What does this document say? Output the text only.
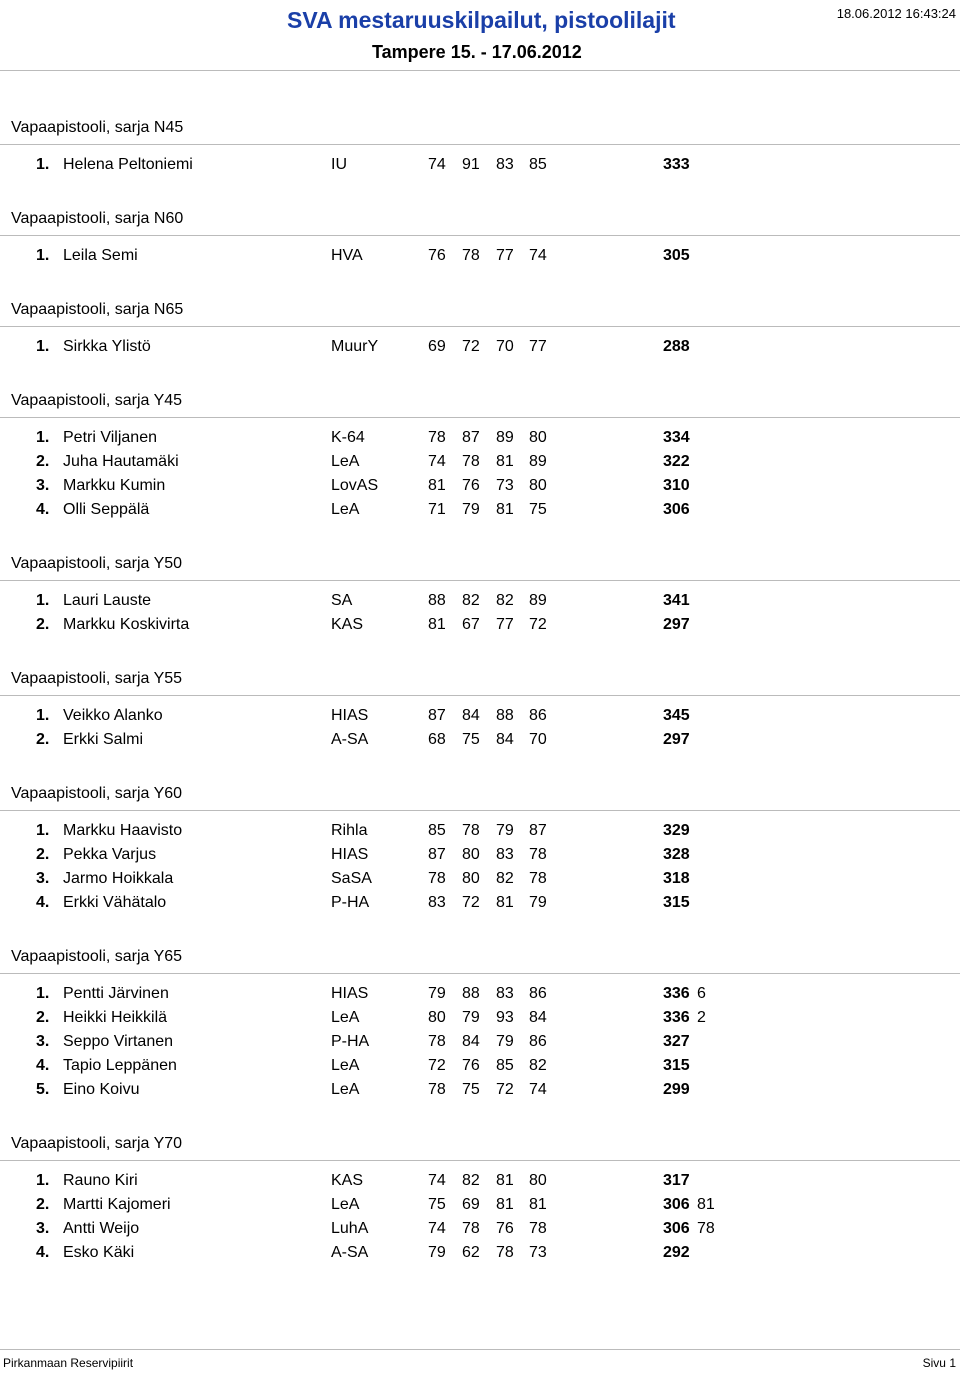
SVA mestaruuskilpailut, pistoolilajit
Tampere 15. - 17.06.2012
18.06.2012 16:43:24
Vapaapistooli, sarja N45
1. Helena Peltoniemi	IU	74 91 83 85	333
Vapaapistooli, sarja N60
1. Leila Semi	HVA	76 78 77 74	305
Vapaapistooli, sarja N65
1. Sirkka Ylistö	MuurY	69 72 70 77	288
Vapaapistooli, sarja Y45
1. Petri Viljanen	K-64	78 87 89 80	334
2. Juha Hautamäki	LeA	74 78 81 89	322
3. Markku Kumin	LovAS	81 76 73 80	310
4. Olli Seppälä	LeA	71 79 81 75	306
Vapaapistooli, sarja Y50
1. Lauri Lauste	SA	88 82 82 89	341
2. Markku Koskivirta	KAS	81 67 77 72	297
Vapaapistooli, sarja Y55
1. Veikko Alanko	HIAS	87 84 88 86	345
2. Erkki Salmi	A-SA	68 75 84 70	297
Vapaapistooli, sarja Y60
1. Markku Haavisto	Rihla	85 78 79 87	329
2. Pekka Varjus	HIAS	87 80 83 78	328
3. Jarmo Hoikkala	SaSA	78 80 82 78	318
4. Erkki Vähätalo	P-HA	83 72 81 79	315
Vapaapistooli, sarja Y65
1. Pentti Järvinen	HIAS	79 88 83 86	336 6
2. Heikki Heikkilä	LeA	80 79 93 84	336 2
3. Seppo Virtanen	P-HA	78 84 79 86	327
4. Tapio Leppänen	LeA	72 76 85 82	315
5. Eino Koivu	LeA	78 75 72 74	299
Vapaapistooli, sarja Y70
1. Rauno Kiri	KAS	74 82 81 80	317
2. Martti Kajomeri	LeA	75 69 81 81	306 81
3. Antti Weijo	LuhA	74 78 76 78	306 78
4. Esko Käki	A-SA	79 62 78 73	292
Pirkanmaan Reservipiirit	Sivu 1
